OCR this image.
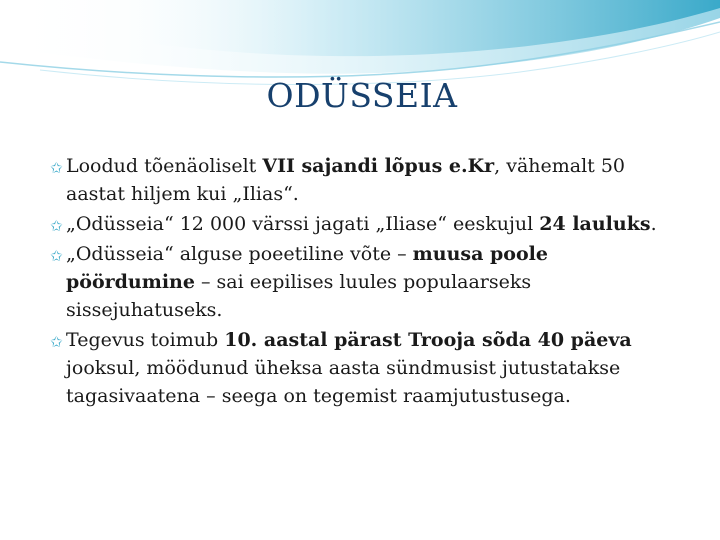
ODÜSSEIA
✩ Loodud tõenäoliselt VII sajandi lõpus e.Kr, vähemalt 50 aastat hiljem kui „Ilias“.
✩ „Odüsseia“ 12 000 värssi jagati „Iliase“ eeskujul 24 lauluks.
✩ „Odüsseia“ alguse poeetiline võte – muusa poole pöördumine – sai eepilises luules populaarseks sissejuhatuseks.
✩ Tegevus toimub 10. aastal pärast Trooja sõda 40 päeva jooksul, möödunud üheksa aasta sündmusist jutustatakse tagasivaatena – seega on tegemist raamjutustusega.
